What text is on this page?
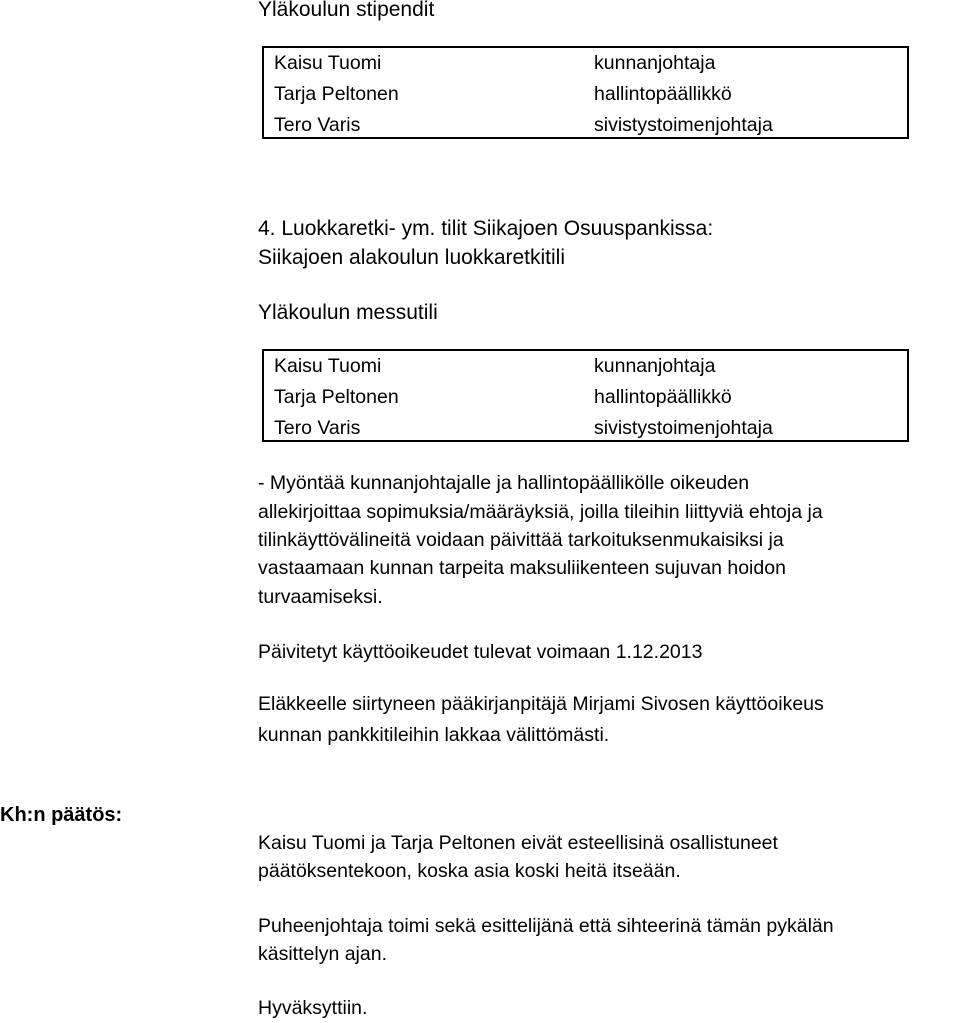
Yläkoulun stipendit
Kaisu Tuomi	kunnanjohtaja
Tarja Peltonen	hallintopäällikkö
Tero Varis	sivistystoimenjohtaja
4. Luokkaretki- ym. tilit Siikajoen Osuuspankissa:
Siikajoen alakoulun luokkaretkitili
Yläkoulun messutili
Kaisu Tuomi	kunnanjohtaja
Tarja Peltonen	hallintopäällikkö
Tero Varis	sivistystoimenjohtaja
- Myöntää kunnanjohtajalle ja hallintopäällikölle oikeuden
allekirjoittaa sopimuksia/määräyksiä, joilla tileihin liittyviä ehtoja ja
tilinkäyttövälineitä voidaan päivittää tarkoituksenmukaisiksi ja
vastaamaan kunnan tarpeita maksuliikenteen sujuvan hoidon
turvaamiseksi.
Päivitetyt käyttöoikeudet tulevat voimaan 1.12.2013
Eläkkeelle siirtyneen pääkirjanpitäjä Mirjami Sivosen käyttöoikeus
kunnan pankkitileihin lakkaa välittömästi.
Kh:n päätös:
Kaisu Tuomi ja Tarja Peltonen eivät esteellisinä osallistuneet
päätöksentekoon, koska asia koski heitä itseään.
Puheenjohtaja toimi sekä esittelijänä että sihteerinä tämän pykälän
käsittelyn ajan.
Hyväksyttiin.
